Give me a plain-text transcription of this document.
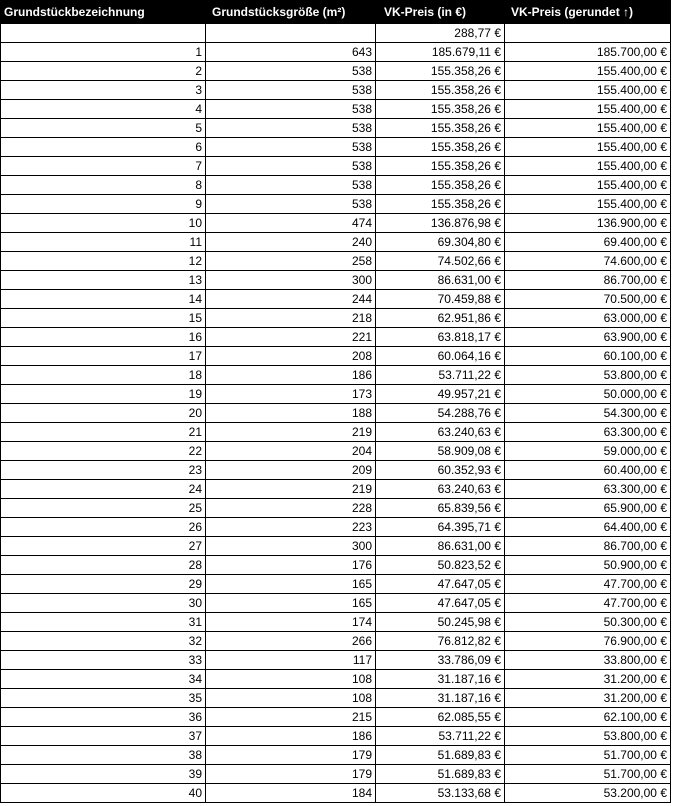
Grundstückbezeichnung	Grundstücksgröße (m²)	VK-Preis (in €)	VK-Preis (gerundet ↑)
		288,77 €	
1	643	185.679,11 €	185.700,00 €
2	538	155.358,26 €	155.400,00 €
3	538	155.358,26 €	155.400,00 €
4	538	155.358,26 €	155.400,00 €
5	538	155.358,26 €	155.400,00 €
6	538	155.358,26 €	155.400,00 €
7	538	155.358,26 €	155.400,00 €
8	538	155.358,26 €	155.400,00 €
9	538	155.358,26 €	155.400,00 €
10	474	136.876,98 €	136.900,00 €
11	240	69.304,80 €	69.400,00 €
12	258	74.502,66 €	74.600,00 €
13	300	86.631,00 €	86.700,00 €
14	244	70.459,88 €	70.500,00 €
15	218	62.951,86 €	63.000,00 €
16	221	63.818,17 €	63.900,00 €
17	208	60.064,16 €	60.100,00 €
18	186	53.711,22 €	53.800,00 €
19	173	49.957,21 €	50.000,00 €
20	188	54.288,76 €	54.300,00 €
21	219	63.240,63 €	63.300,00 €
22	204	58.909,08 €	59.000,00 €
23	209	60.352,93 €	60.400,00 €
24	219	63.240,63 €	63.300,00 €
25	228	65.839,56 €	65.900,00 €
26	223	64.395,71 €	64.400,00 €
27	300	86.631,00 €	86.700,00 €
28	176	50.823,52 €	50.900,00 €
29	165	47.647,05 €	47.700,00 €
30	165	47.647,05 €	47.700,00 €
31	174	50.245,98 €	50.300,00 €
32	266	76.812,82 €	76.900,00 €
33	117	33.786,09 €	33.800,00 €
34	108	31.187,16 €	31.200,00 €
35	108	31.187,16 €	31.200,00 €
36	215	62.085,55 €	62.100,00 €
37	186	53.711,22 €	53.800,00 €
38	179	51.689,83 €	51.700,00 €
39	179	51.689,83 €	51.700,00 €
40	184	53.133,68 €	53.200,00 €
